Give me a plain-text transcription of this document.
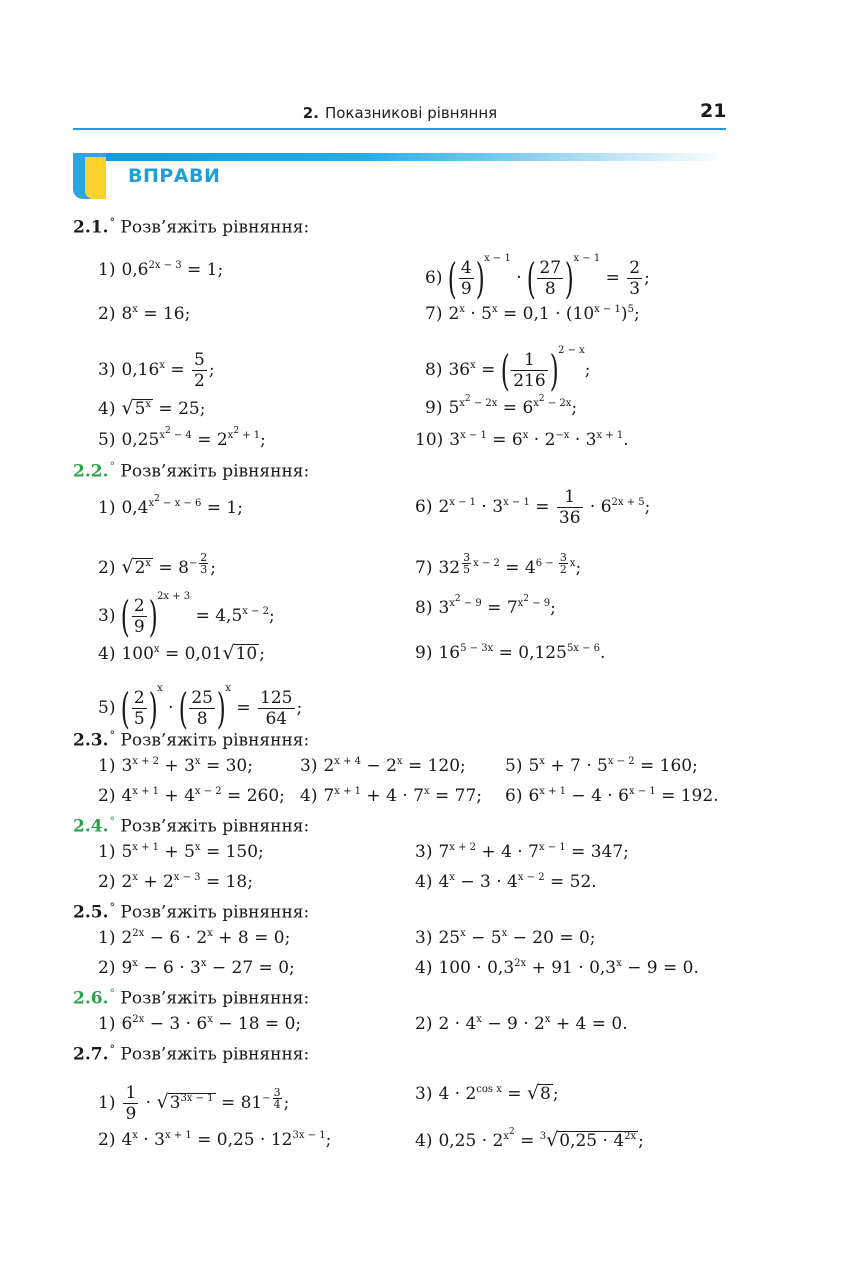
2. Показникові рівняння	21
ВПРАВИ
2.1.° Розв’яжіть рівняння:
1) $0,6^{2x - 3} = 1$;	6) ( $\frac{4}{9} )^{x - 1}$ · ( $\frac{27}{8} )^{x - 1} = \frac{2}{3}$ ;
2) $8^x = 16$;	7) $2^x \cdot 5^x = 0,1 \cdot (10^{x - 1})^5$;
3) $0,16^x = \frac{5}{2}$ ;	8) $36^x$ = ( $\frac{1}{216} )^{2 - x}$;
4) $√5^x = 25$;	9) $5^{x^2 - 2x} = 6^{x^2 - 2x}$;
5) $0,25^{x^2 - 4} = 2^{x^2 + 1}$;	10) $3^{x - 1} = 6^x \cdot 2^{-x} \cdot 3^{x + 1}$.
2.2.° Розв’яжіть рівняння:
1) $0,4^{x^2 - x - 6} = 1$;	6) $2^{x - 1} \cdot 3^{x - 1} = \frac{1}{36} \cdot 6^{2x + 5}$;
2) $√2^x = 8^{- \frac{2}{3}}$ ;	7) 32 $^{\frac{3}{5} x - 2} = 4^{6 - \frac{3}{2} x}$;
3) ( $\frac{2}{9} )^{2x + 3} = 4,5^{x - 2}$;	8) $3^{x^2 - 9} = 7^{x^2 - 9}$;
4) $100^x = 0,01√10$ ;	9) $16^{5 - 3x} = 0,125^{5x - 6}$.
5) ( $\frac{2}{5} )^x$ · ( $\frac{25}{8} )^x = \frac{125}{64}$ ;
2.3.° Розв’яжіть рівняння:
1) $3^{x + 2} + 3^x = 30$;	3) $2^{x + 4} - 2^x = 120$; 5) $5^x + 7 \cdot 5^{x - 2} = 160$;
2) $4^{x + 1} + 4^{x - 2} = 260$; 4) $7^{x + 1} + 4 \cdot 7^x = 77$; 6) $6^{x + 1} - 4 \cdot 6^{x - 1} = 192$.
2.4.° Розв’яжіть рівняння:
1) $5^{x + 1} + 5^x = 150$;	3) $7^{x + 2} + 4 \cdot 7^{x - 1} = 347$;
2) $2^x + 2^{x - 3} = 18$;	4) $4^x - 3 \cdot 4^{x - 2} = 52$.
2.5.° Розв’яжіть рівняння:
1) $2^{2x} - 6 \cdot 2^x + 8 = 0$;	3) $25^x - 5^x - 20 = 0$;
2) $9^x - 6 \cdot 3^x - 27 = 0$;	4) $100 \cdot 0,3^{2x} + 91 \cdot 0,3^x - 9 = 0$.
2.6.° Розв’яжіть рівняння:
1) $6^{2x} - 3 \cdot 6^x - 18 = 0$;	2) $2 \cdot 4^x - 9 \cdot 2^x + 4 = 0$.
2.7.° Розв’яжіть рівняння:
$1) \frac{1}{9} \cdot √3^{3x - 1} = 81^{- \frac{3}{4}}$ ;	3) $4 \cdot 2^{cos x} = √8$ ;
2) $4^x \cdot 3^{x + 1} = 0,25 \cdot 12^{3x - 1}$;	4) $0,25 \cdot 2^{x^2} = ^3√0,25 \cdot 4^{2x}$ ;
